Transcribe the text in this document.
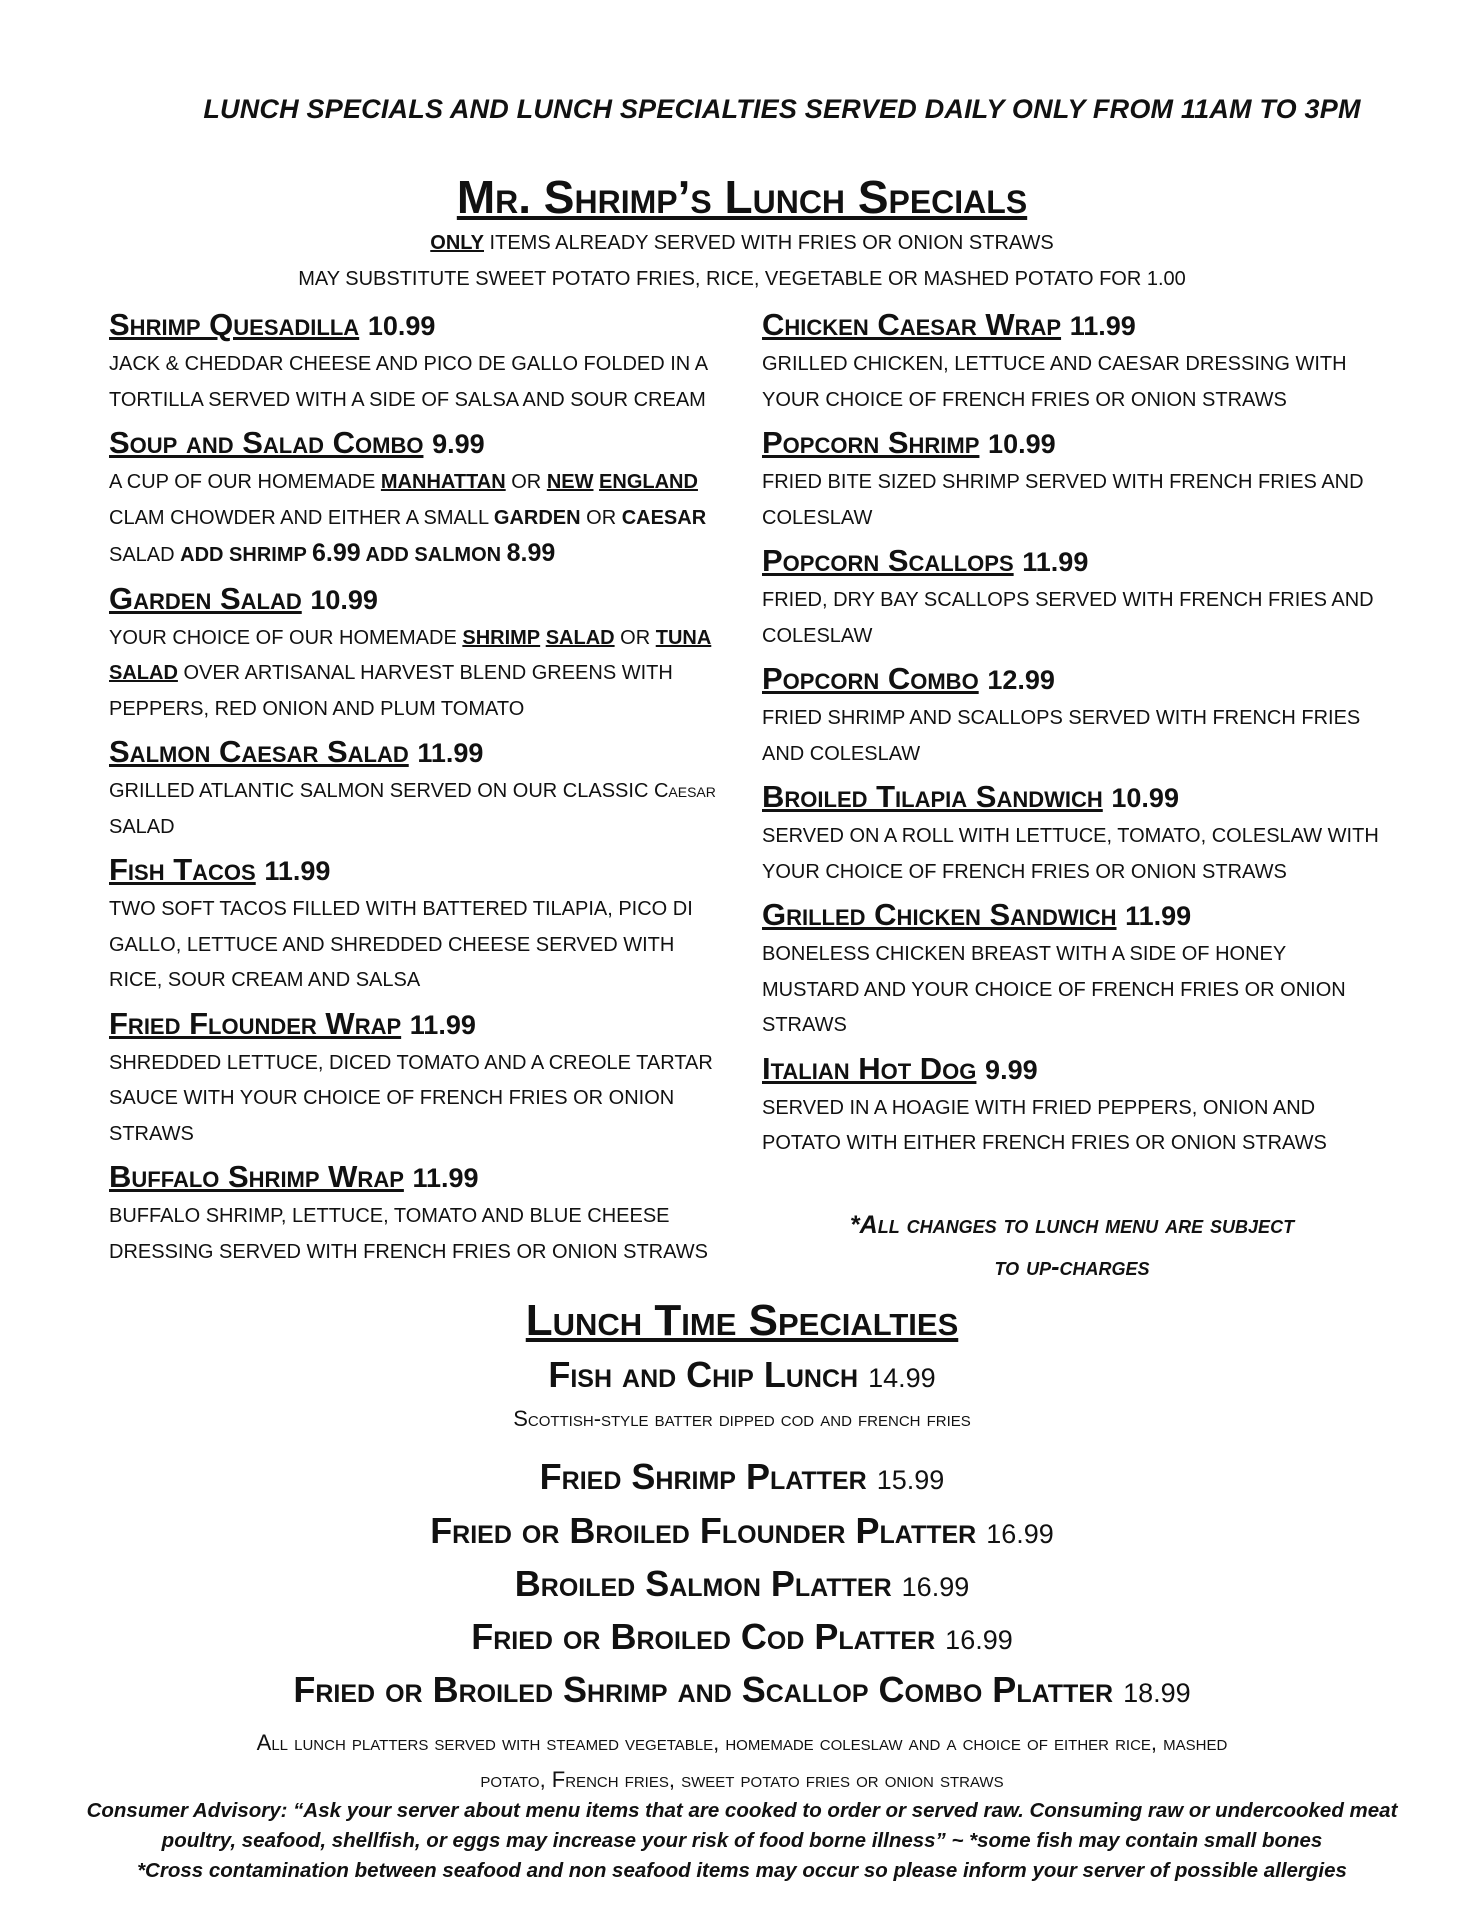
LUNCH SPECIALS AND LUNCH SPECIALTIES SERVED DAILY ONLY FROM 11AM TO 3PM
Mr. Shrimp’s Lunch Specials
ONLY ITEMS ALREADY SERVED WITH FRIES OR ONION STRAWS
MAY SUBSTITUTE SWEET POTATO FRIES, RICE, VEGETABLE OR MASHED POTATO FOR 1.00
Shrimp Quesadilla 10.99
JACK & CHEDDAR CHEESE AND PICO DE GALLO FOLDED IN A TORTILLA SERVED WITH A SIDE OF SALSA AND SOUR CREAM
Soup and Salad Combo 9.99
A CUP OF OUR HOMEMADE MANHATTAN OR NEW ENGLAND CLAM CHOWDER AND EITHER A SMALL GARDEN OR CAESAR SALAD ADD SHRIMP 6.99 ADD SALMON 8.99
Garden Salad 10.99
YOUR CHOICE OF OUR HOMEMADE SHRIMP SALAD OR TUNA SALAD OVER ARTISANAL HARVEST BLEND GREENS WITH PEPPERS, RED ONION AND PLUM TOMATO
Salmon Caesar Salad 11.99
GRILLED ATLANTIC SALMON SERVED ON OUR CLASSIC Caesar SALAD
Fish Tacos 11.99
TWO SOFT TACOS FILLED WITH BATTERED TILAPIA, PICO DI GALLO, LETTUCE AND SHREDDED CHEESE SERVED WITH RICE, SOUR CREAM AND SALSA
Fried Flounder Wrap 11.99
SHREDDED LETTUCE, DICED TOMATO AND A CREOLE TARTAR SAUCE WITH YOUR CHOICE OF FRENCH FRIES OR ONION STRAWS
Buffalo Shrimp Wrap 11.99
BUFFALO SHRIMP, LETTUCE, TOMATO AND BLUE CHEESE DRESSING SERVED WITH FRENCH FRIES OR ONION STRAWS
Chicken Caesar Wrap 11.99
GRILLED CHICKEN, LETTUCE AND CAESAR DRESSING WITH YOUR CHOICE OF FRENCH FRIES OR ONION STRAWS
Popcorn Shrimp 10.99
FRIED BITE SIZED SHRIMP SERVED WITH FRENCH FRIES AND COLESLAW
Popcorn Scallops 11.99
FRIED, DRY BAY SCALLOPS SERVED WITH FRENCH FRIES AND COLESLAW
Popcorn Combo 12.99
FRIED SHRIMP AND SCALLOPS SERVED WITH FRENCH FRIES AND COLESLAW
Broiled Tilapia Sandwich 10.99
SERVED ON A ROLL WITH LETTUCE, TOMATO, COLESLAW WITH YOUR CHOICE OF FRENCH FRIES OR ONION STRAWS
Grilled Chicken Sandwich 11.99
BONELESS CHICKEN BREAST WITH A SIDE OF HONEY MUSTARD AND YOUR CHOICE OF FRENCH FRIES OR ONION STRAWS
Italian Hot Dog 9.99
SERVED IN A HOAGIE WITH FRIED PEPPERS, ONION AND POTATO WITH EITHER FRENCH FRIES OR ONION STRAWS
*All changes to lunch menu are subject
to up-charges
Lunch Time Specialties
Fish and Chip Lunch 14.99
Scottish-style batter dipped cod and french fries
Fried Shrimp Platter 15.99
Fried or Broiled Flounder Platter 16.99
Broiled Salmon Platter 16.99
Fried or Broiled Cod Platter 16.99
Fried or Broiled Shrimp and Scallop Combo Platter 18.99
All lunch platters served with steamed vegetable, homemade coleslaw and a choice of either rice, mashed
potato, French fries, sweet potato fries or onion straws
Consumer Advisory: “Ask your server about menu items that are cooked to order or served raw. Consuming raw or undercooked meat
poultry, seafood, shellfish, or eggs may increase your risk of food borne illness” ~ *some fish may contain small bones
*Cross contamination between seafood and non seafood items may occur so please inform your server of possible allergies
